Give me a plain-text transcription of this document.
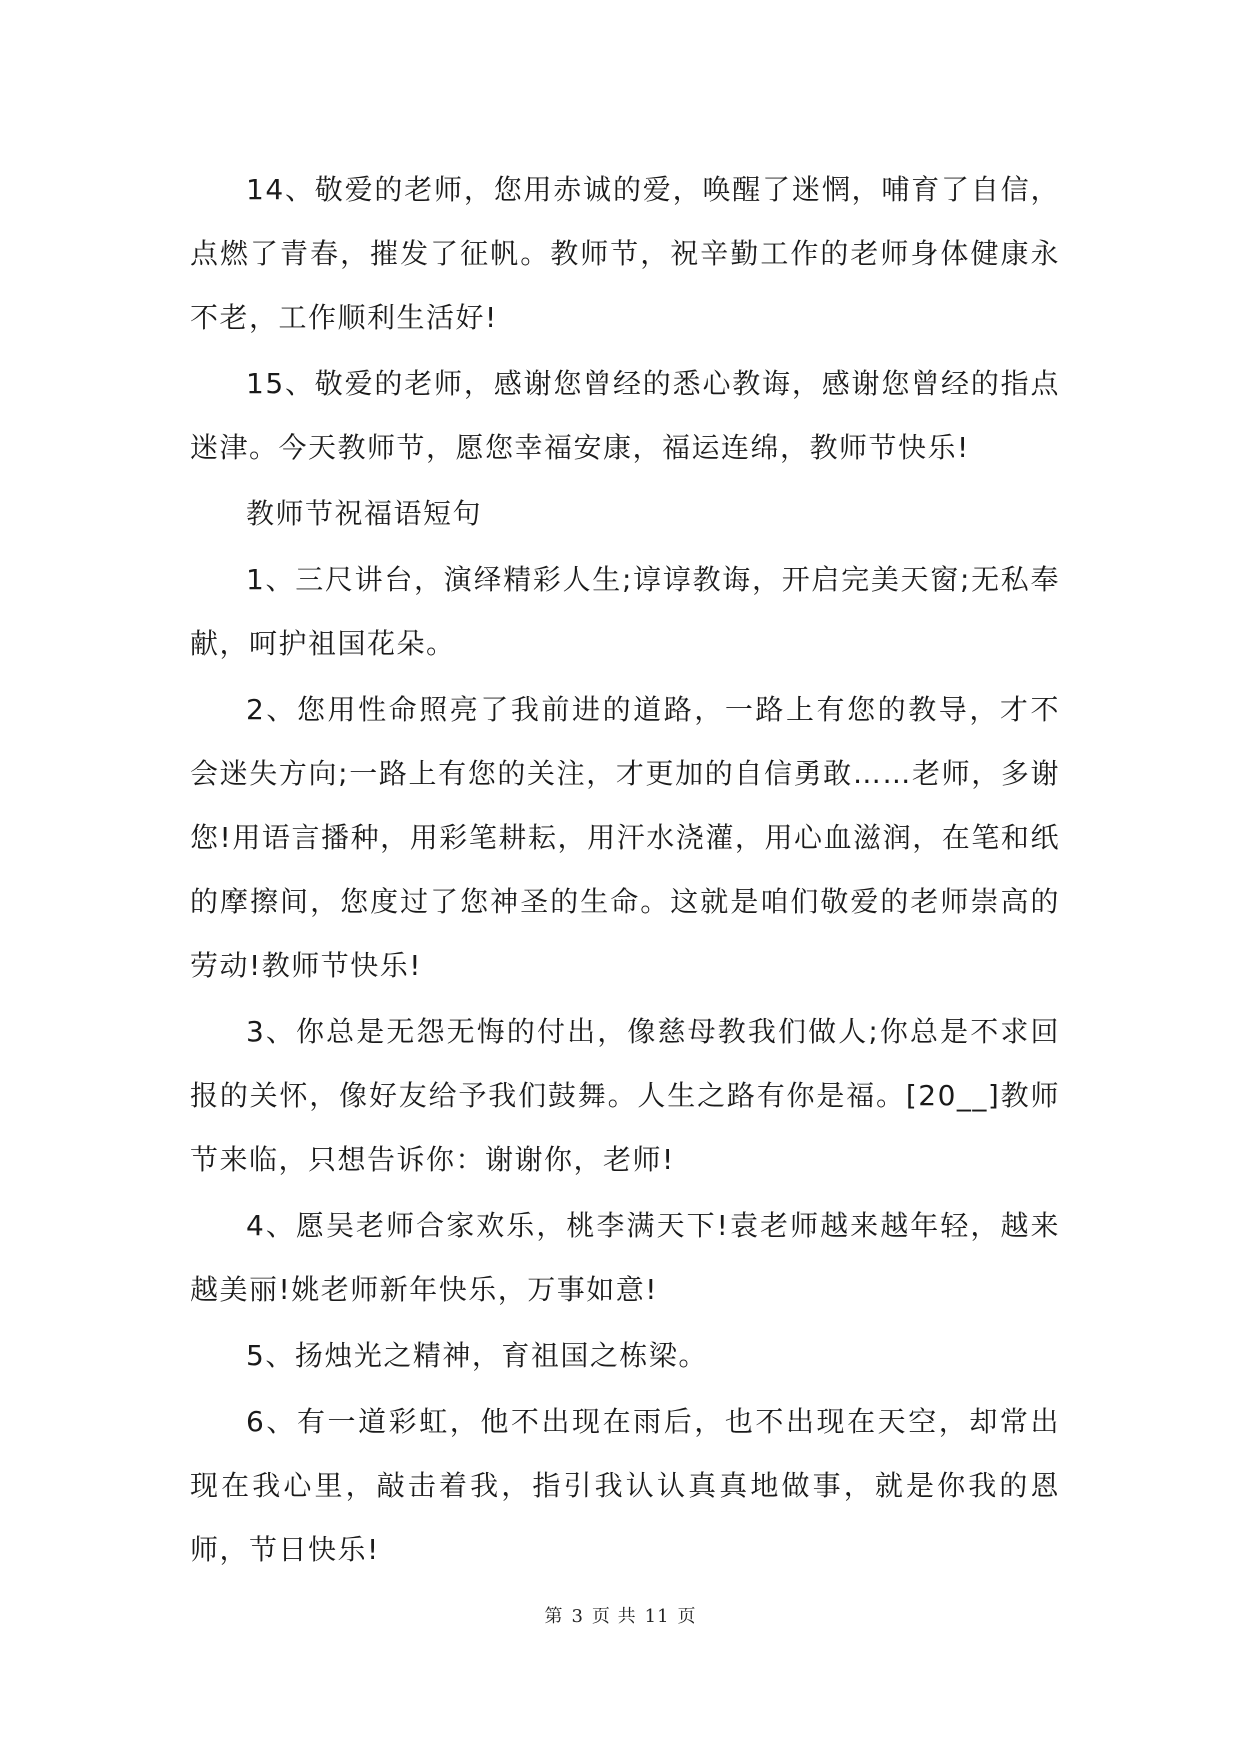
14、敬爱的老师，您用赤诚的爱，唤醒了迷惘，哺育了自信，点燃了青春，摧发了征帆。教师节，祝辛勤工作的老师身体健康永不老，工作顺利生活好!

15、敬爱的老师，感谢您曾经的悉心教诲，感谢您曾经的指点迷津。今天教师节，愿您幸福安康，福运连绵，教师节快乐!

教师节祝福语短句

1、三尺讲台，演绎精彩人生;谆谆教诲，开启完美天窗;无私奉献，呵护祖国花朵。

2、您用性命照亮了我前进的道路，一路上有您的教导，才不会迷失方向;一路上有您的关注，才更加的自信勇敢……老师，多谢您!用语言播种，用彩笔耕耘，用汗水浇灌，用心血滋润，在笔和纸的摩擦间，您度过了您神圣的生命。这就是咱们敬爱的老师崇高的劳动!教师节快乐!

3、你总是无怨无悔的付出，像慈母教我们做人;你总是不求回报的关怀，像好友给予我们鼓舞。人生之路有你是福。[20__]教师节来临，只想告诉你：谢谢你，老师!

4、愿吴老师合家欢乐，桃李满天下!袁老师越来越年轻，越来越美丽!姚老师新年快乐，万事如意!

5、扬烛光之精神，育祖国之栋梁。

6、有一道彩虹，他不出现在雨后，也不出现在天空，却常出现在我心里，敲击着我，指引我认认真真地做事，就是你我的恩师，节日快乐!

第 3 页 共 11 页
